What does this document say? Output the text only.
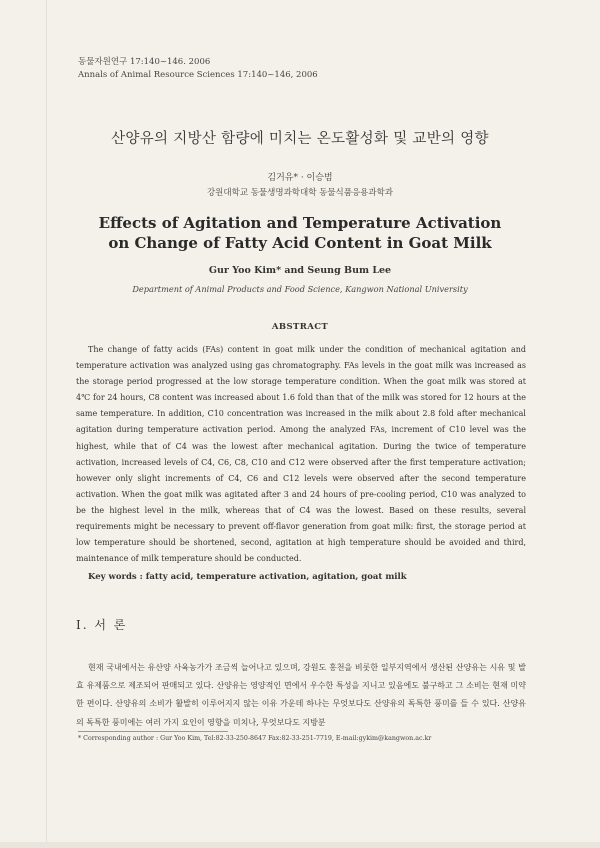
동물자원연구 17:140~146. 2006
Annals of Animal Resource Sciences 17:140~146, 2006
산양유의 지방산 함량에 미치는 온도활성화 및 교반의 영향
김거유* · 이승범
강원대학교 동물생명과학대학 동물식품응용과학과
Effects of Agitation and Temperature Activation
on Change of Fatty Acid Content in Goat Milk
Gur Yoo Kim* and Seung Bum Lee
Department of Animal Products and Food Science, Kangwon National University
ABSTRACT
The change of fatty acids (FAs) content in goat milk under the condition of mechanical agitation and temperature activation was analyzed using gas chromatography. FAs levels in the goat milk was increased as the storage period progressed at the low storage temperature condition. When the goat milk was stored at 4℃ for 24 hours, C8 content was increased about 1.6 fold than that of the milk was stored for 12 hours at the same temperature. In addition, C10 concentration was increased in the milk about 2.8 fold after mechanical agitation during temperature activation period. Among the analyzed FAs, increment of C10 level was the highest, while that of C4 was the lowest after mechanical agitation. During the twice of temperature activation, increased levels of C4, C6, C8, C10 and C12 were observed after the first temperature activation; however only slight increments of C4, C6 and C12 levels were observed after the second temperature activation. When the goat milk was agitated after 3 and 24 hours of pre-cooling period, C10 was analyzed to be the highest level in the milk, whereas that of C4 was the lowest. Based on these results, several requirements might be necessary to prevent off-flavor generation from goat milk: first, the storage period at low temperature should be shortened, second, agitation at high temperature should be avoided and third, maintenance of milk temperature should be conducted.
Key words : fatty acid, temperature activation, agitation, goat milk
Ⅰ. 서 론
현재 국내에서는 유산양 사육농가가 조금씩 늘어나고 있으며, 강원도 홍천을 비롯한 일부지역에서 생산된 산양유는 시유 및 발효 유제품으로 제조되어 판매되고 있다. 산양유는 영양적인 면에서 우수한 특성을 지니고 있음에도 불구하고 그 소비는 현재 미약한 편이다. 산양유의 소비가 활발히 이루어지지 않는 이유 가운데 하나는 무엇보다도 산양유의 독특한 풍미를 들 수 있다. 산양유의 독특한 풍미에는 여러 가지 요인이 영향을 미치나, 무엇보다도 지방분
* Corresponding author : Gur Yoo Kim, Tel:82-33-250-8647 Fax:82-33-251-7719, E-mail:gykim@kangwon.ac.kr
